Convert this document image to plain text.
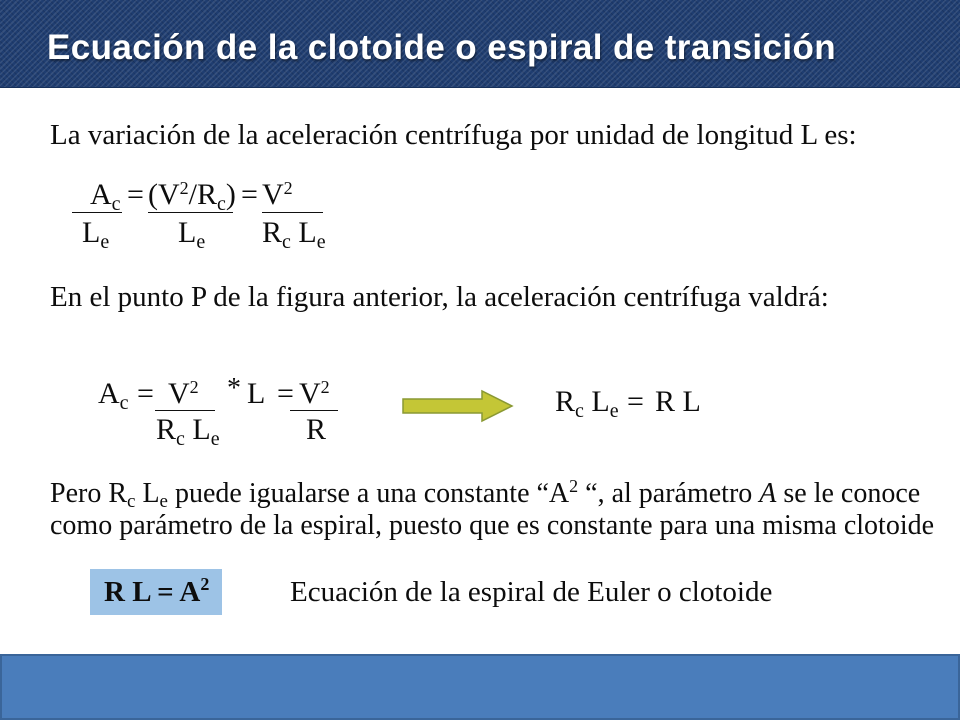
Ecuación de la clotoide o espiral de transición
La variación de la aceleración centrífuga por unidad de longitud L es:
$A_c = (V^2/R_c) = V^2$
$L_e$ $L_e$ $R_c$ $L_e$
En el punto P de la figura anterior, la aceleración centrífuga valdrá:
$A_c = V^2 * L = V^2$
$R_c$ $L_e$	R
$R_c$ $L_e = R$ L
Pero Rc Le puede igualarse a una constante “$A^2$ “, al parámetro A se le conoce
como parámetro de la espiral, puesto que es constante para una misma clotoide
R $L = A^2$	Ecuación de la espiral de Euler o clotoide
